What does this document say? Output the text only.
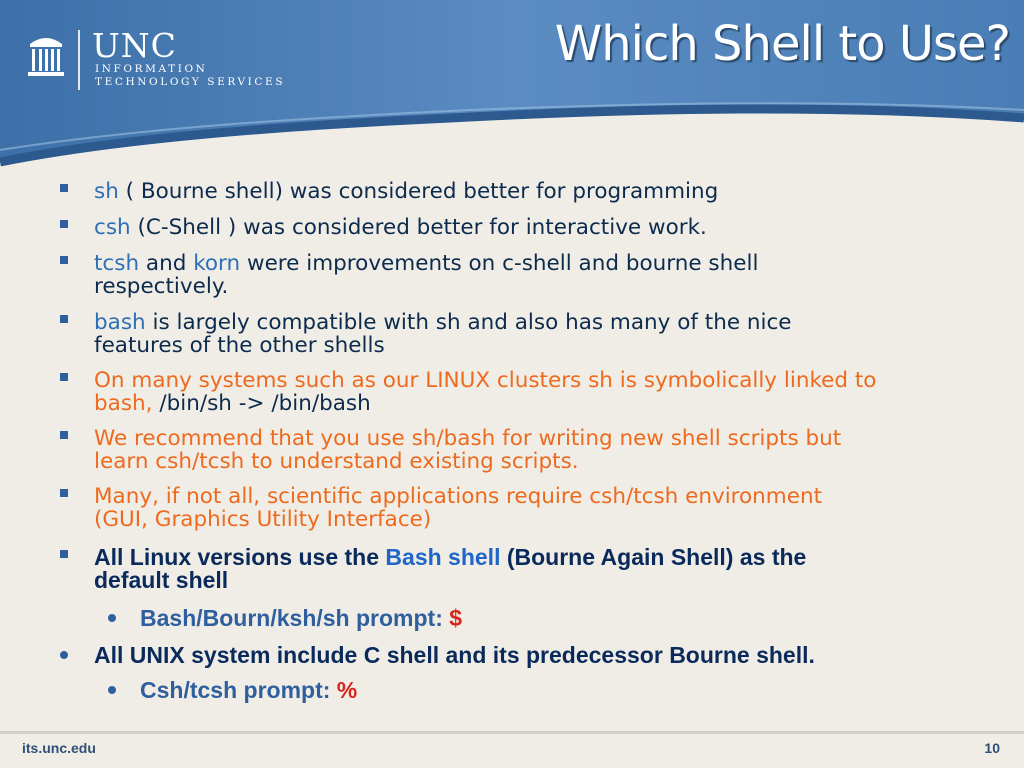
UNC
INFORMATION
TECHNOLOGY SERVICES
Which Shell to Use?
sh ( Bourne shell) was considered better for programming
csh (C-Shell ) was considered better for interactive work.
tcsh and korn were improvements on c-shell and bourne shell
respectively.
bash is largely compatible with sh and also has many of the nice
features of the other shells
On many systems such as our LINUX clusters sh is symbolically linked to
bash, /bin/sh -> /bin/bash
We recommend that you use sh/bash for writing new shell scripts but
learn csh/tcsh to understand existing scripts.
Many, if not all, scientific applications require csh/tcsh environment
(GUI, Graphics Utility Interface)
All Linux versions use the Bash shell (Bourne Again Shell) as the
default shell
Bash/Bourn/ksh/sh prompt: $
All UNIX system include C shell and its predecessor Bourne shell.
Csh/tcsh prompt: %
its.unc.edu	10
